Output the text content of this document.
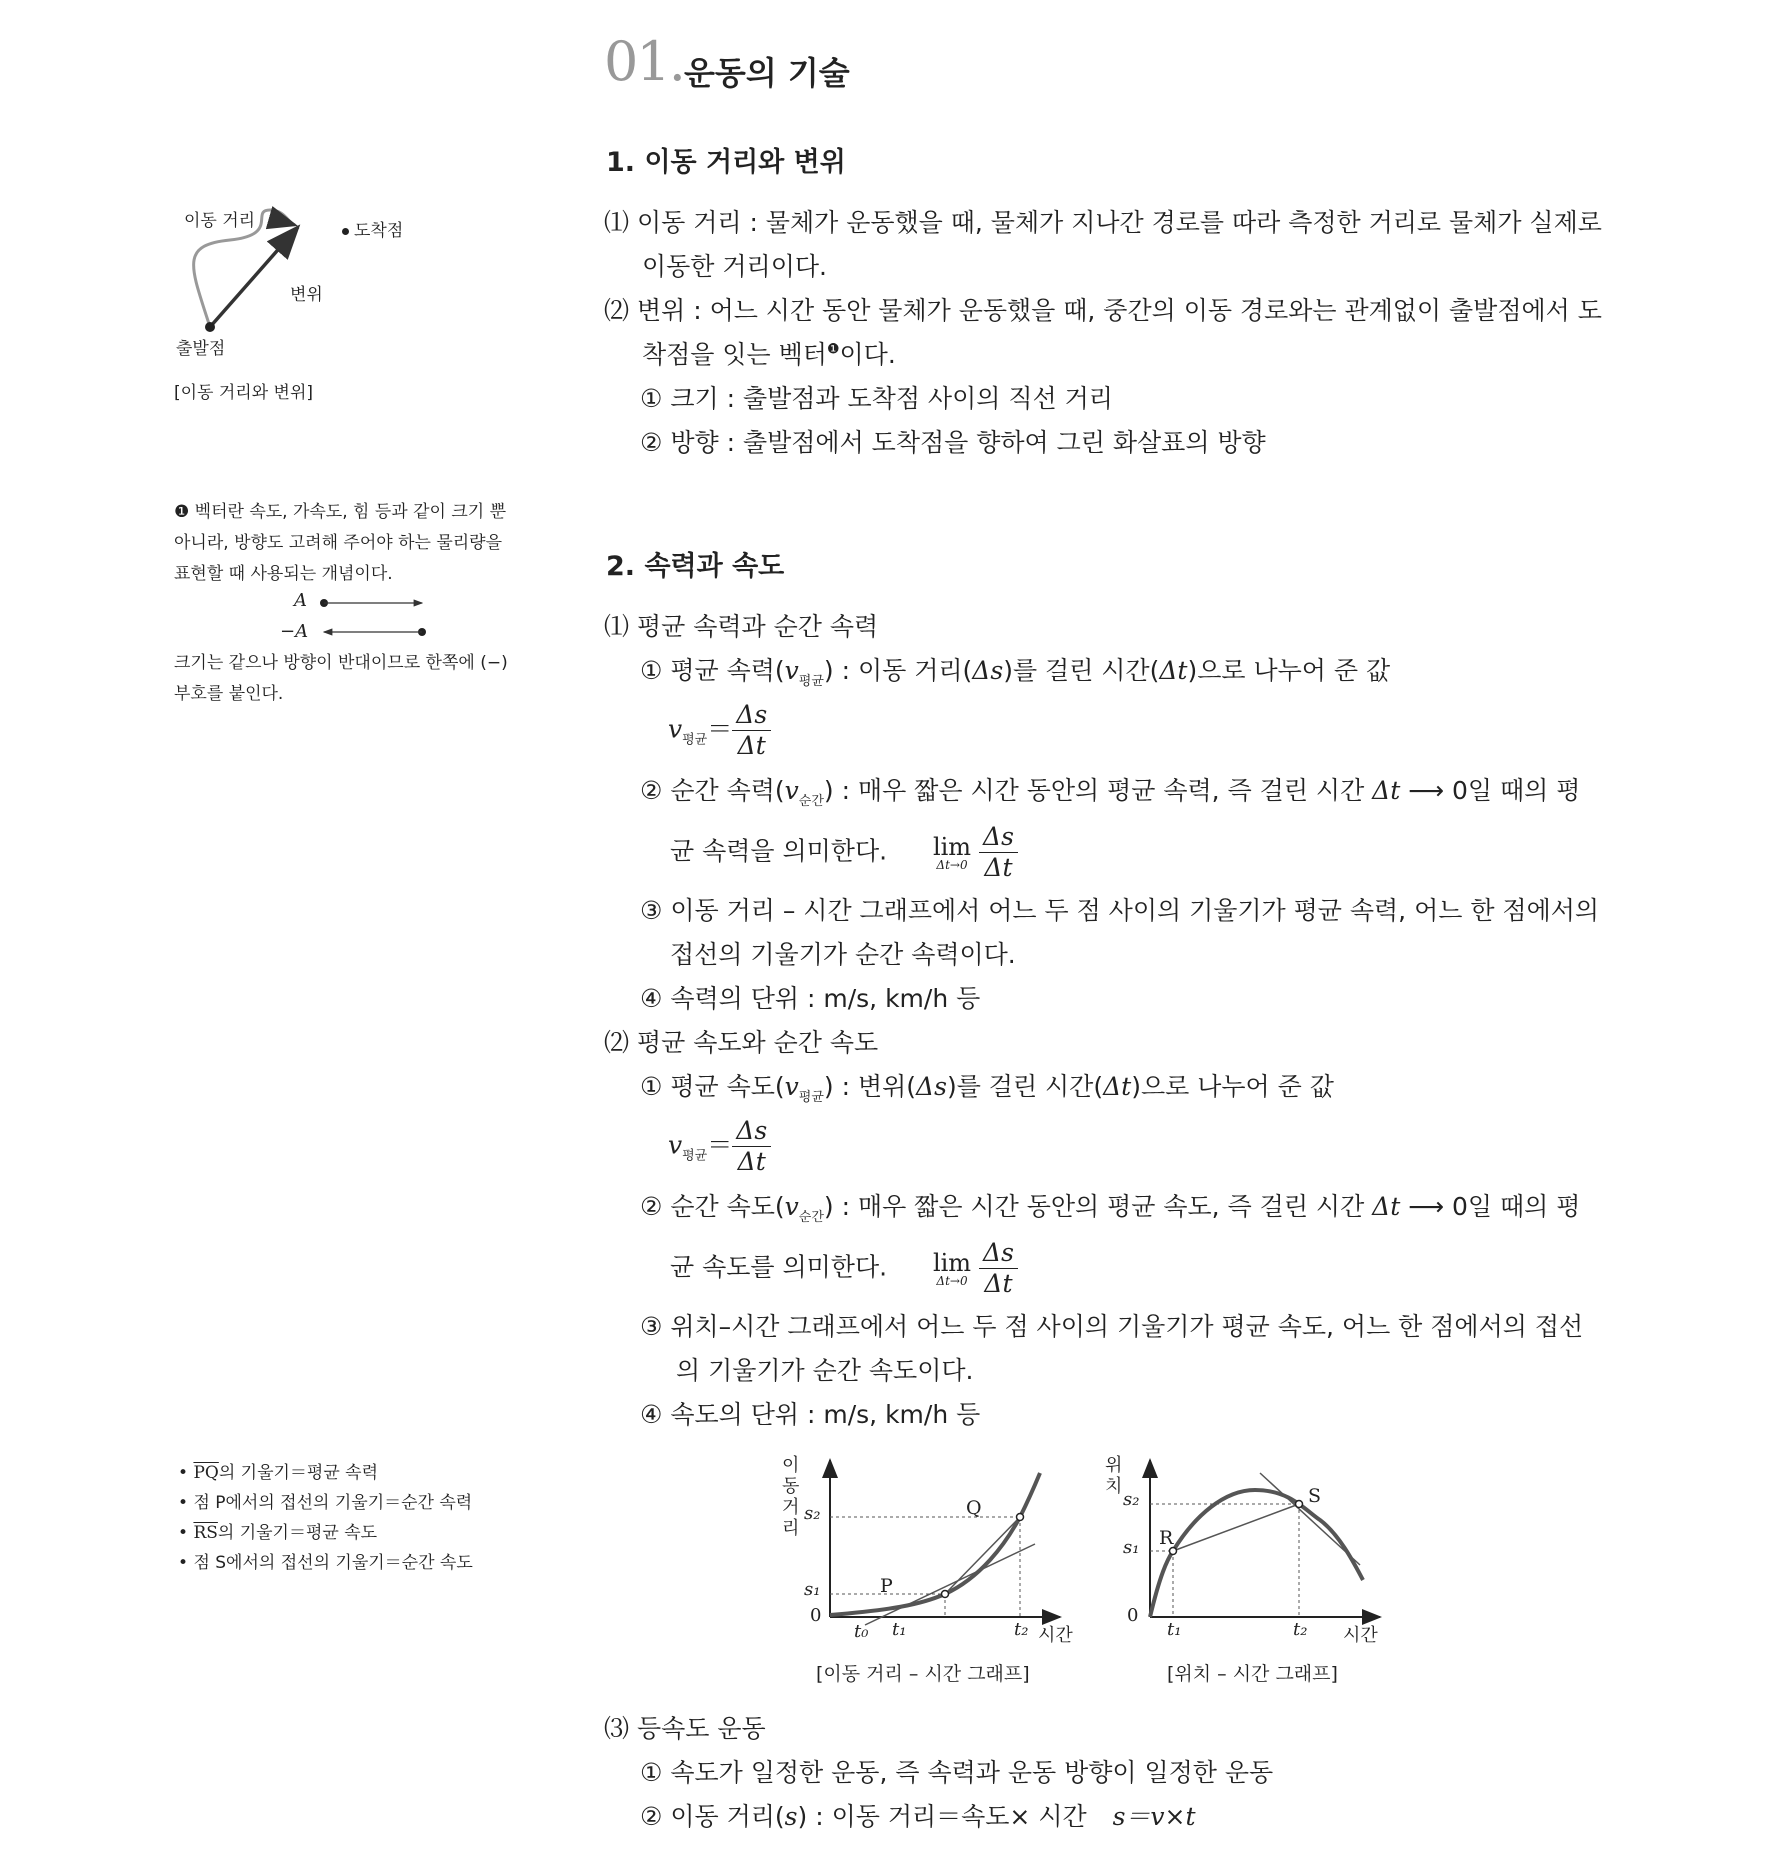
01. 운동의 기술
이동 거리	도착점
변위
출발점
[이동 거리와 변위]
❶ 벡터란 속도, 가속도, 힘 등과 같이 크기 뿐
아니라, 방향도 고려해 주어야 하는 물리량을
표현할 때 사용되는 개념이다.
A
−A
크기는 같으나 방향이 반대이므로 한쪽에 (−)
부호를 붙인다.
• $\overline{PQ}$의 기울기＝평균 속력
• 점 P에서의 접선의 기울기＝순간 속력
• $\overline{RS}$의 기울기＝평균 속도
• 점 S에서의 접선의 기울기＝순간 속도
1. 이동 거리와 변위
⑴ 이동 거리 : 물체가 운동했을 때, 물체가 지나간 경로를 따라 측정한 거리로 물체가 실제로
이동한 거리이다.
⑵ 변위 : 어느 시간 동안 물체가 운동했을 때, 중간의 이동 경로와는 관계없이 출발점에서 도
착점을 잇는 벡터$^❶$이다.
① 크기 : 출발점과 도착점 사이의 직선 거리
② 방향 : 출발점에서 도착점을 향하여 그린 화살표의 방향
2. 속력과 속도
⑴ 평균 속력과 순간 속력
① 평균 속력$(v_{평균})$ : 이동 거리(Δs)를 걸린 시간(Δt)으로 나누어 준 값
$v_{평균}= \frac{\Delta s}{\Delta t}$
② 순간 속력$(v_{순간})$ : 매우 짧은 시간 동안의 평균 속력, 즉 걸린 시간 Δt ⟶ 0일 때의 평
균 속력을 의미한다. lim
Δt→0
$\frac{\Delta s}{\Delta t}$
③ 이동 거리 – 시간 그래프에서 어느 두 점 사이의 기울기가 평균 속력, 어느 한 점에서의
접선의 기울기가 순간 속력이다.
④ 속력의 단위 : m/s, km/h 등
⑵ 평균 속도와 순간 속도
① 평균 속도$(v_{평균})$ : 변위(Δs)를 걸린 시간(Δt)으로 나누어 준 값
$v_{평균}= \frac{\Delta s}{\Delta t}$
② 순간 속도$(v_{순간})$ : 매우 짧은 시간 동안의 평균 속도, 즉 걸린 시간 Δt ⟶ 0일 때의 평
균 속도를 의미한다. lim
Δt→0
$\frac{\Delta s}{\Delta t}$
③ 위치–시간 그래프에서 어느 두 점 사이의 기울기가 평균 속도, 어느 한 점에서의 접선
의 기울기가 순간 속도이다.
④ 속도의 단위 : m/s, km/h 등
이
동
거
리
s₂
s₁
0
t₀ t₁	t₂ 시간
P
Q
[이동 거리 – 시간 그래프]
위
치
s₂
s₁
0
t₁	t₂ 시간
R
S
[위치 – 시간 그래프]
⑶ 등속도 운동
① 속도가 일정한 운동, 즉 속력과 운동 방향이 일정한 운동
② 이동 거리(s) : 이동 거리＝속도× 시간 s＝v×t
